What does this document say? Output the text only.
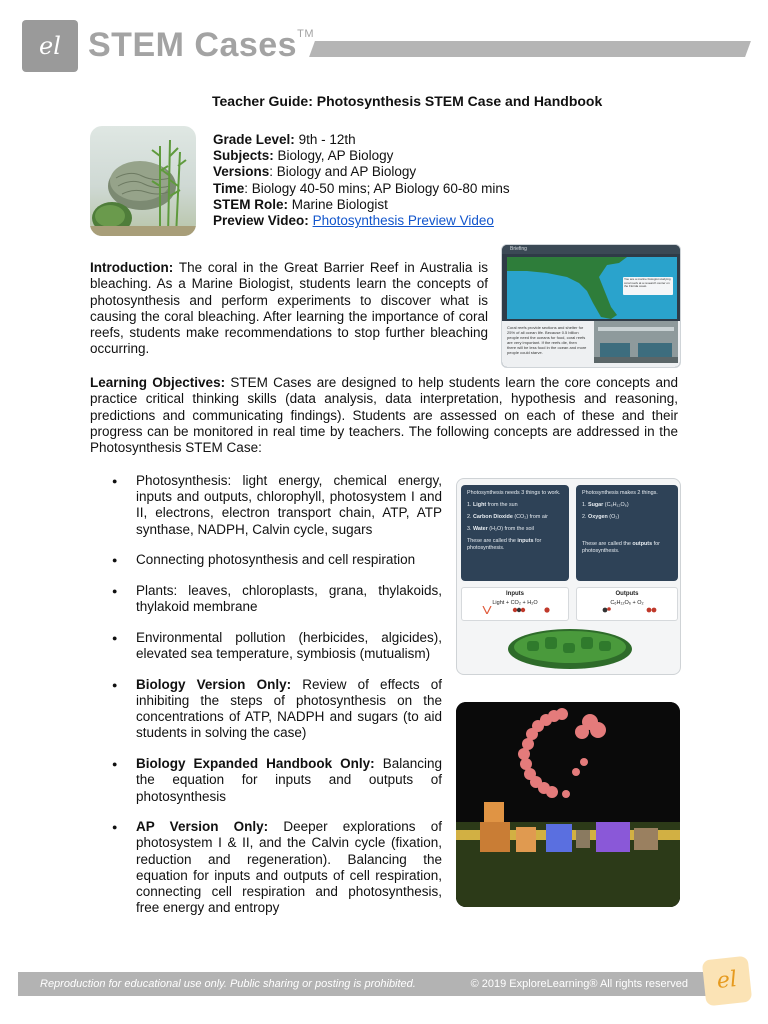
el STEM Cases™
Teacher Guide: Photosynthesis STEM Case and Handbook
Grade Level: 9th - 12th
Subjects: Biology, AP Biology
Versions: Biology and AP Biology
Time: Biology 40-50 mins; AP Biology 60-80 mins
STEM Role: Marine Biologist
Preview Video: Photosynthesis Preview Video
Introduction: The coral in the Great Barrier Reef in Australia is bleaching. As a Marine Biologist, students learn the concepts of photosynthesis and perform experiments to discover what is causing the coral bleaching. After learning the importance of coral reefs, students make recommendations to stop further bleaching occurring.
Briefing
You are a marine biologist studying coral reefs at a research center on the Florida coast.
Coral reefs provide sections and shelter for 25% of all ocean life. Because 0.5 billion people need the oceans for food, coral reefs are very important. If the reefs die, then there will be less food in the ocean and more people could starve.
Learning Objectives: STEM Cases are designed to help students learn the core concepts and practice critical thinking skills (data analysis, data interpretation, hypothesis and reasoning, predictions and communicating findings). Students are assessed on each of these and their progress can be monitored in real time by teachers. The following concepts are addressed in the Photosynthesis STEM Case:
● Photosynthesis: light energy, chemical energy, inputs and outputs, chlorophyll, photosystem I and II, electrons, electron transport chain, ATP, ATP synthase, NADPH, Calvin cycle, sugars
● Connecting photosynthesis and cell respiration
● Plants: leaves, chloroplasts, grana, thylakoids, thylakoid membrane
● Environmental pollution (herbicides, algicides), elevated sea temperature, symbiosis (mutualism)
● Biology Version Only: Review of effects of inhibiting the steps of photosynthesis on the concentrations of ATP, NADPH and sugars (to aid students in solving the case)
● Biology Expanded Handbook Only: Balancing the equation for inputs and outputs of photosynthesis
● AP Version Only: Deeper explorations of photosystem I & II, and the Calvin cycle (fixation, reduction and regeneration). Balancing the equation for inputs and outputs of cell respiration, connecting cell respiration and photosynthesis, free energy and entropy

Photosynthesis needs 3 things to work.

1. Light from the sun

2. Carbon Dioxide (CO₂) from air

3. Water (H₂O) from the soil

These are called the inputs for photosynthesis.

Photosynthesis makes 2 things.

1. Sugar (C₆H₁₂O₆)

2. Oxygen (O₂)

These are called the outputs for photosynthesis.

Inputs
Light + CO₂ + H₂O
Outputs
C₆H₁₂O₆ + O₂
Reproduction for educational use only. Public sharing or posting is prohibited.	© 2019 ExploreLearning® All rights reserved	el
